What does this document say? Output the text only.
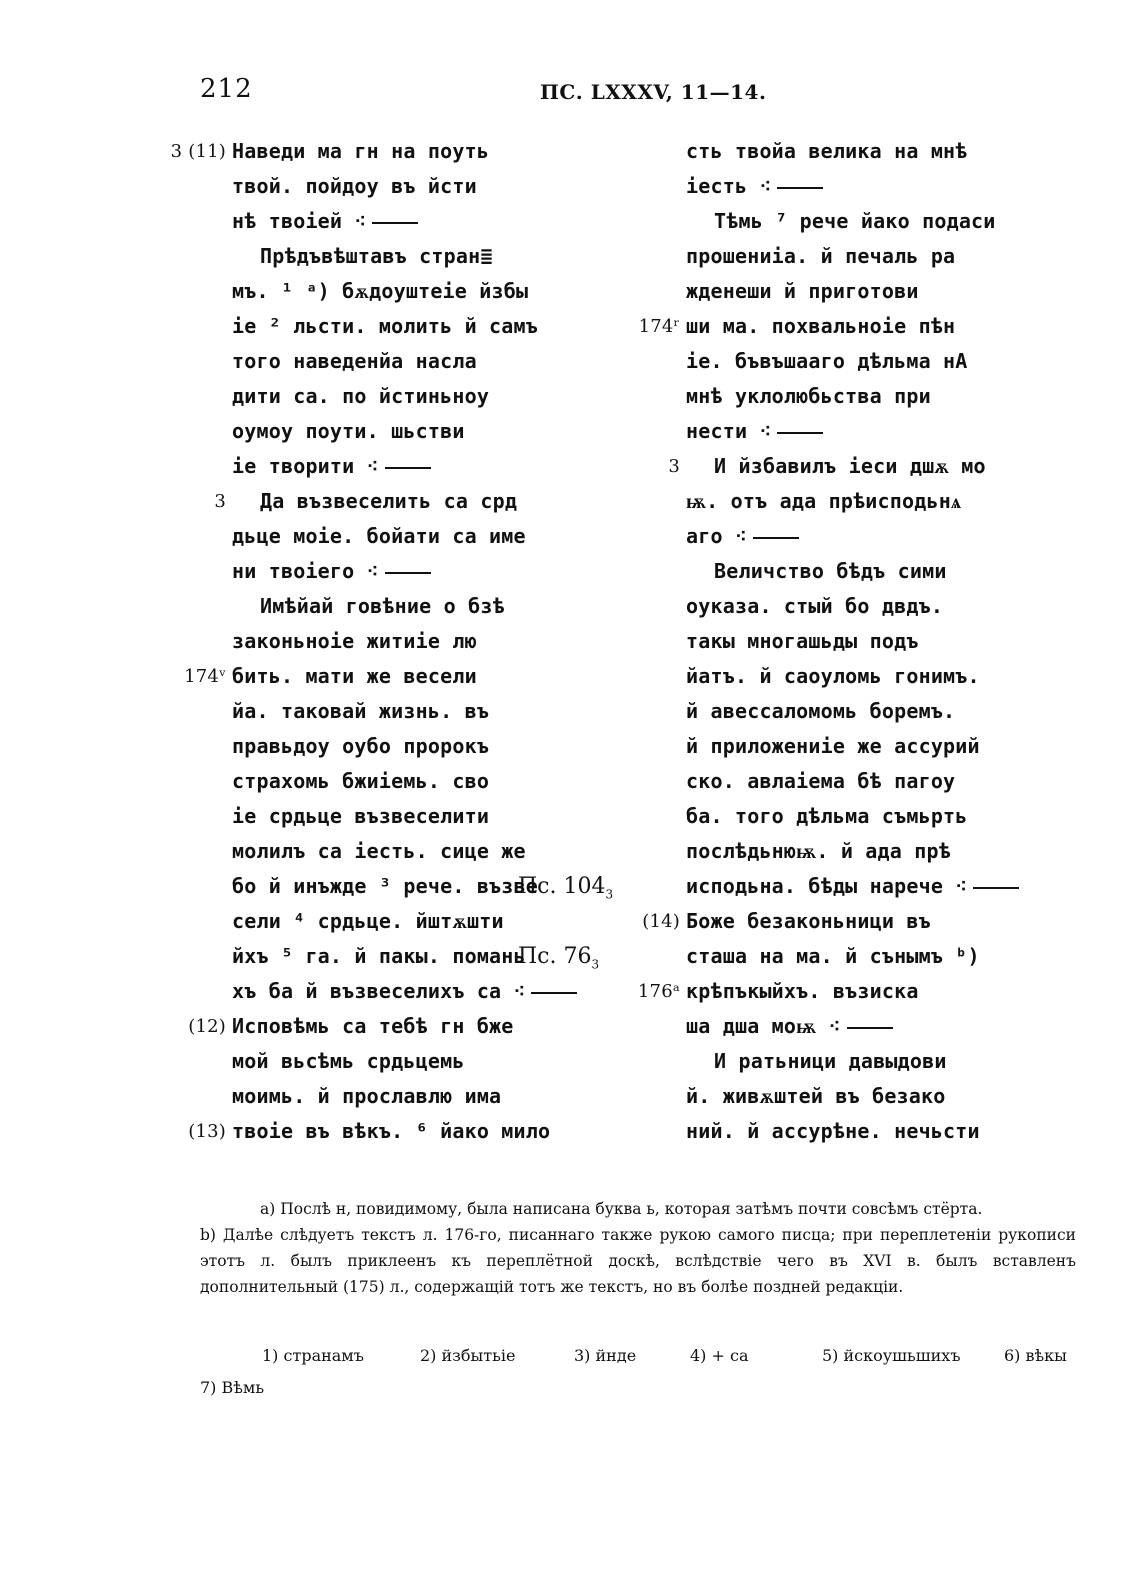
212	ПС. LXXXV, 11—14.
3 (11) Наведи ма гн на поуть
твой. пойдоу въ йсти
нѣ твоіей ⁖
Прѣдъвѣштавъ стран≣
мъ. ¹ ᵃ) бѫдоуштеіе йзбы
іе ² льсти. молить й самъ
того наведенйа насла
дити са. по йстиньноу
оумоу поути. шьстви
іе творити ⁖
3 Да възвеселить са срд
дьце моіе. бойати са име
ни твоіего ⁖
Имѣйай говѣние о бзѣ
законьноіе житиіе лю
174ᵛ бить. мати же весели
йа. таковай жизнь. въ
правьдоу оубо пророкъ
страхомь бжиіемь. сво
іе срдьце възвеселити
молилъ са іесть. сице же
бо й инъжде ³ рече. възве
сели ⁴ срдьце. йштѫшти
йхъ ⁵ га. й пакы. помань
хъ ба й възвеселихъ са ⁖
(12) Исповѣмь са тебѣ гн бже
мой вьсѣмь срдьцемь
моимь. й прославлю има
(13) твоіе въ вѣкъ. ⁶ йако мило
сть твойа велика на мнѣ
іесть ⁖
Тѣмь ⁷ рече йако подаси
прошениіа. й печаль ра
жденеши й приготови
174ʳ ши ма. похвальноіе пѣн
іе. бъвъшааго дѣльма нА
мнѣ уклолюбьства при
нести ⁖
3 И йзбавилъ іеси дшѫ мо
ѭ. отъ ада прѣисподьнѧ
аго ⁖
Величство бѣдъ сими
оуказа. стый бо двдъ.
такы многашьды подъ
йатъ. й саоуломь гонимъ.
й авессаломомь боремъ.
й приложениіе же ассурий
ско. авлаіема бѣ пагоу
ба. того дѣльма съмьрть
послѣдьнюѭ. й ада прѣ
исподьна. бѣды нарече ⁖
(14) Боже безаконьници въ
сташа на ма. й сънымъ ᵇ)
176ᵃ крѣпъкыйхъ. възиска
ша дша моѭ ⁖
И ратьници давыдови
й. живѫштей въ безако
ний. й ассурѣне. нечьсти
Пс. $104_3$
Пс. $76_3$

a) Послѣ н, повидимому, была написана буква ь, которая затѣмъ почти совсѣмъ стёрта.

b) Далѣе слѣдуетъ текстъ л. 176-го, писаннаго также рукою самого писца; при переплетеніи рукописи этотъ л. былъ приклеенъ къ переплётной доскѣ, вслѣдствіе чего въ XVI в. былъ вставленъ дополнительный (175) л., содержащій тотъ же текстъ, но въ болѣе поздней редакціи.

1) странамъ	2) йзбытьіе	3) йнде	4) + са	5) йскоушьшихъ	6) вѣкы
7) Вѣмь
